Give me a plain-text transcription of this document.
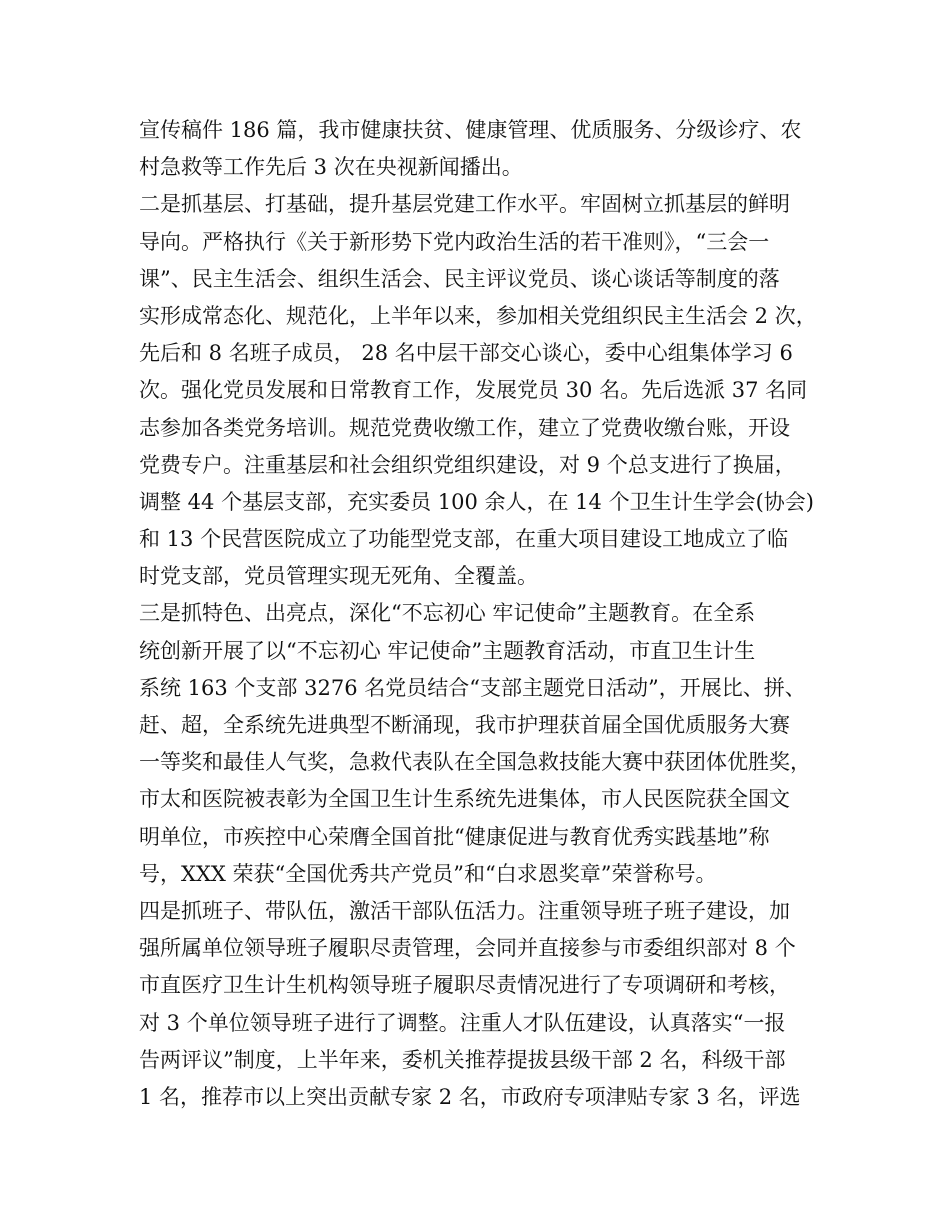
宣传稿件 186 篇，我市健康扶贫、健康管理、优质服务、分级诊疗、农
村急救等工作先后 3 次在央视新闻播出。
二是抓基层、打基础，提升基层党建工作水平。牢固树立抓基层的鲜明
导向。严格执行《关于新形势下党内政治生活的若干准则》，“三会一
课”、民主生活会、组织生活会、民主评议党员、谈心谈话等制度的落
实形成常态化、规范化，上半年以来，参加相关党组织民主生活会 2 次，
先后和 8 名班子成员， 28 名中层干部交心谈心，委中心组集体学习 6
次。强化党员发展和日常教育工作，发展党员 30 名。先后选派 37 名同
志参加各类党务培训。规范党费收缴工作，建立了党费收缴台账，开设
党费专户。注重基层和社会组织党组织建设，对 9 个总支进行了换届，
调整 44 个基层支部，充实委员 100 余人，在 14 个卫生计生学会(协会)
和 13 个民营医院成立了功能型党支部，在重大项目建设工地成立了临
时党支部，党员管理实现无死角、全覆盖。
三是抓特色、出亮点，深化“不忘初心 牢记使命”主题教育。在全系
统创新开展了以“不忘初心 牢记使命”主题教育活动，市直卫生计生
系统 163 个支部 3276 名党员结合“支部主题党日活动”，开展比、拼、
赶、超，全系统先进典型不断涌现，我市护理获首届全国优质服务大赛
一等奖和最佳人气奖，急救代表队在全国急救技能大赛中获团体优胜奖，
市太和医院被表彰为全国卫生计生系统先进集体，市人民医院获全国文
明单位，市疾控中心荣膺全国首批“健康促进与教育优秀实践基地”称
号，XXX 荣获“全国优秀共产党员”和“白求恩奖章”荣誉称号。
四是抓班子、带队伍，激活干部队伍活力。注重领导班子班子建设，加
强所属单位领导班子履职尽责管理，会同并直接参与市委组织部对 8 个
市直医疗卫生计生机构领导班子履职尽责情况进行了专项调研和考核，
对 3 个单位领导班子进行了调整。注重人才队伍建设，认真落实“一报
告两评议”制度，上半年来，委机关推荐提拔县级干部 2 名，科级干部
1 名，推荐市以上突出贡献专家 2 名，市政府专项津贴专家 3 名，评选
